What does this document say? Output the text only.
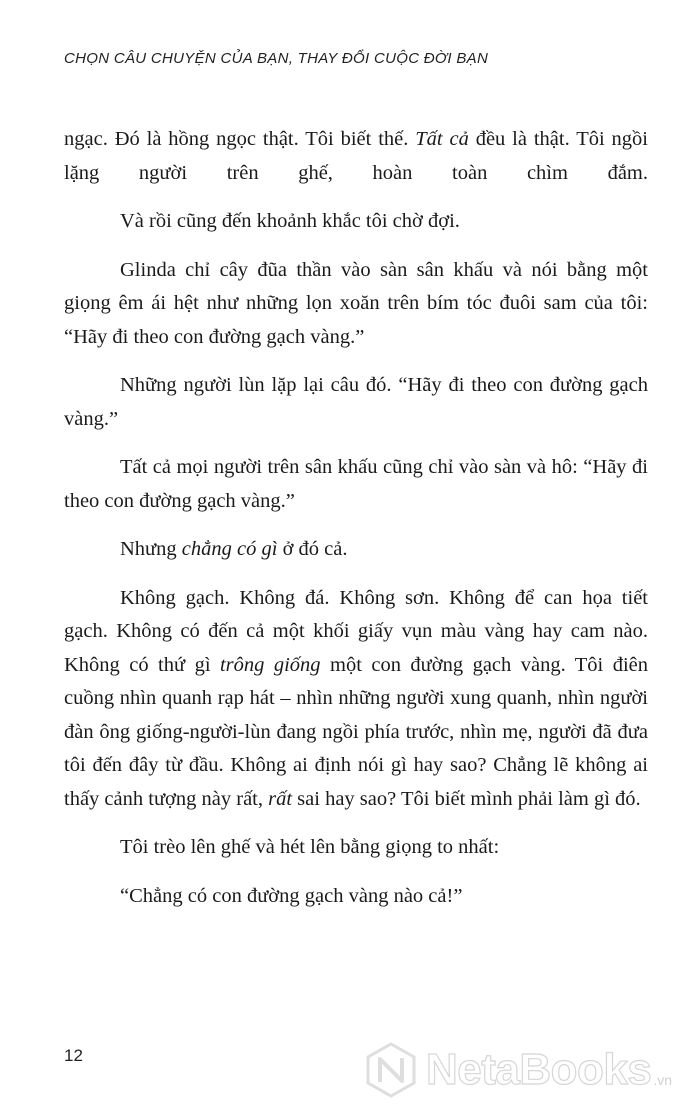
CHỌN CÂU CHUYỆN CỦA BẠN, THAY ĐỔI CUỘC ĐỜI BẠN

ngạc. Đó là hồng ngọc thật. Tôi biết thế. Tất cả đều là thật. Tôi ngồi lặng người trên ghế, hoàn toàn chìm đắm.

Và rồi cũng đến khoảnh khắc tôi chờ đợi.

Glinda chỉ cây đũa thần vào sàn sân khấu và nói bằng một giọng êm ái hệt như những lọn xoăn trên bím tóc đuôi sam của tôi: “Hãy đi theo con đường gạch vàng.”

Những người lùn lặp lại câu đó. “Hãy đi theo con đường gạch vàng.”

Tất cả mọi người trên sân khấu cũng chỉ vào sàn và hô: “Hãy đi theo con đường gạch vàng.”

Nhưng chẳng có gì ở đó cả.

Không gạch. Không đá. Không sơn. Không để can họa tiết gạch. Không có đến cả một khối giấy vụn màu vàng hay cam nào. Không có thứ gì trông giống một con đường gạch vàng. Tôi điên cuồng nhìn quanh rạp hát – nhìn những người xung quanh, nhìn người đàn ông giống-người-lùn đang ngồi phía trước, nhìn mẹ, người đã đưa tôi đến đây từ đầu. Không ai định nói gì hay sao? Chẳng lẽ không ai thấy cảnh tượng này rất, rất sai hay sao? Tôi biết mình phải làm gì đó.

Tôi trèo lên ghế và hét lên bằng giọng to nhất:

“Chẳng có con đường gạch vàng nào cả!”

12	NetaBooks .vn
